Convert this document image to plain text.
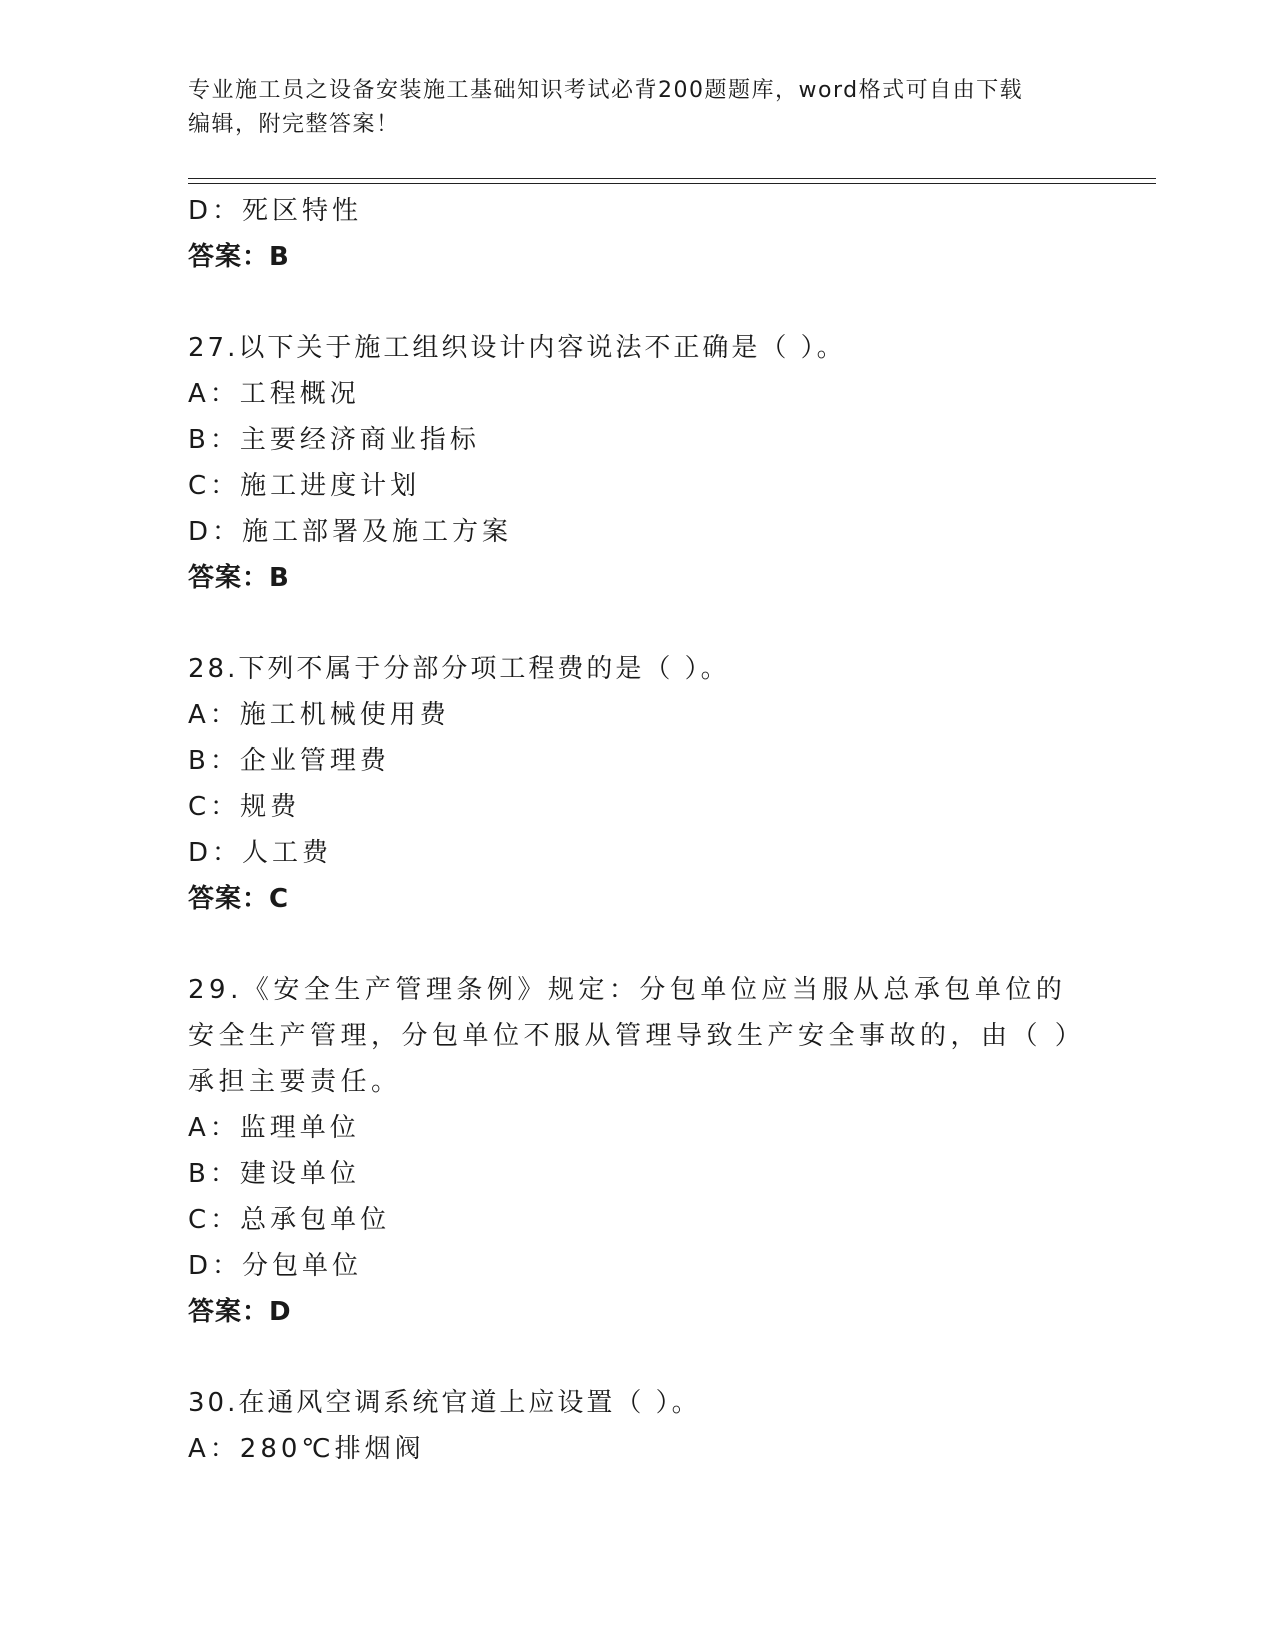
专业施工员之设备安装施工基础知识考试必背200题题库，word格式可自由下载
编辑，附完整答案！
D：死区特性
答案：B
27.以下关于施工组织设计内容说法不正确是（ ）。
A：工程概况
B：主要经济商业指标
C：施工进度计划
D：施工部署及施工方案
答案：B
28.下列不属于分部分项工程费的是（ ）。
A：施工机械使用费
B：企业管理费
C：规费
D：人工费
答案：C
29.《安全生产管理条例》规定：分包单位应当服从总承包单位的安全生产管理，分包单位不服从管理导致生产安全事故的，由（ ）承担主要责任。
A：监理单位
B：建设单位
C：总承包单位
D：分包单位
答案：D
30.在通风空调系统官道上应设置（ ）。
A：280℃排烟阀
